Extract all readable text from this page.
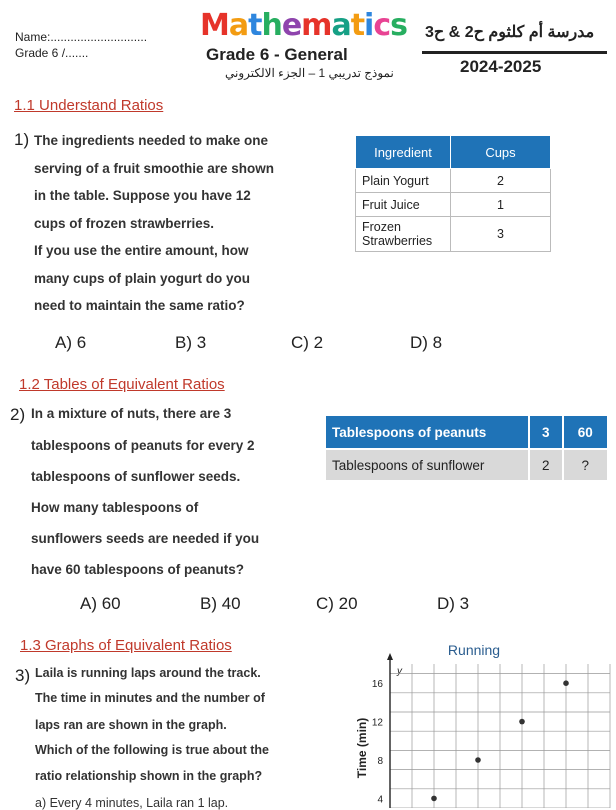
Name:.............................
Grade 6 /.......
Mathematics
Grade 6 - General
نموذج تدريبي 1 – الجزء الالكتروني
مدرسة أم كلثوم ح2 & ح3
2024-2025
1.1 Understand Ratios
1) The ingredients needed to make one
serving of a fruit smoothie are shown
in the table. Suppose you have 12
cups of frozen strawberries.
If you use the entire amount, how
many cups of plain yogurt do you
need to maintain the same ratio?
Ingredient	Cups
Plain Yogurt	2
Fruit Juice	1
Frozen Strawberries	3
A) 6	B) 3	C) 2	D) 8
1.2 Tables of Equivalent Ratios
2) In a mixture of nuts, there are 3
tablespoons of peanuts for every 2
tablespoons of sunflower seeds.
How many tablespoons of
sunflowers seeds are needed if you
have 60 tablespoons of peanuts?
Tablespoons of peanuts	3	60
Tablespoons of sunflower	2	?
A) 60	B) 40	C) 20	D) 3
1.3 Graphs of Equivalent Ratios
3) Laila is running laps around the track.
The time in minutes and the number of
laps ran are shown in the graph.
Which of the following is true about the
ratio relationship shown in the graph?
a) Every 4 minutes, Laila ran 1 lap.
Running
Time (min)
y
4
8
12
16
